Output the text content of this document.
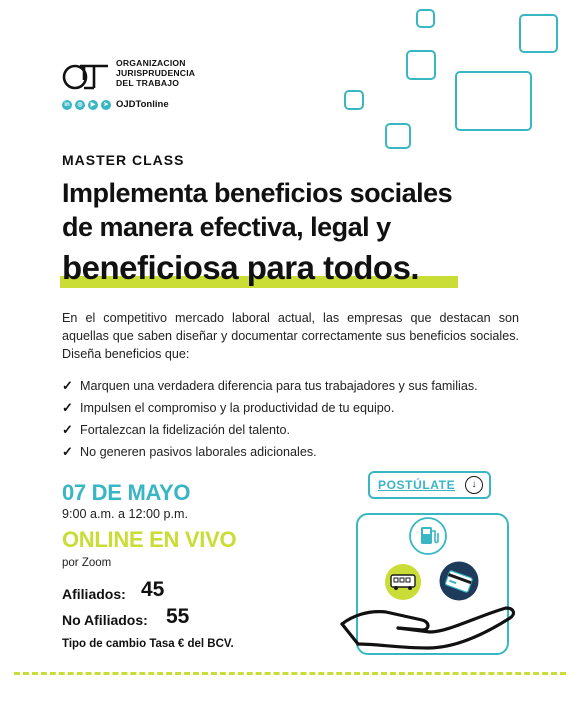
ORGANIZACION
JURISPRUDENCIA
DEL TRABAJO
in	◎	▶	➤ OJDTonline
MASTER CLASS
Implementa beneficios sociales
de manera efectiva, legal y
beneficiosa para todos.
En el competitivo mercado laboral actual, las empresas que destacan son aquellas que saben diseñar y documentar correctamente sus beneficios sociales. Diseña beneficios que:
✓ Marquen una verdadera diferencia para tus trabajadores y sus familias.
✓ Impulsen el compromiso y la productividad de tu equipo.
✓ Fortalezcan la fidelización del talento.
✓ No generen pasivos laborales adicionales.
07 DE MAYO
9:00 a.m. a 12:00 p.m.
ONLINE EN VIVO
por Zoom
Afiliados: 45
No Afiliados: 55
Tipo de cambio Tasa € del BCV.
POSTÚLATE	↓
